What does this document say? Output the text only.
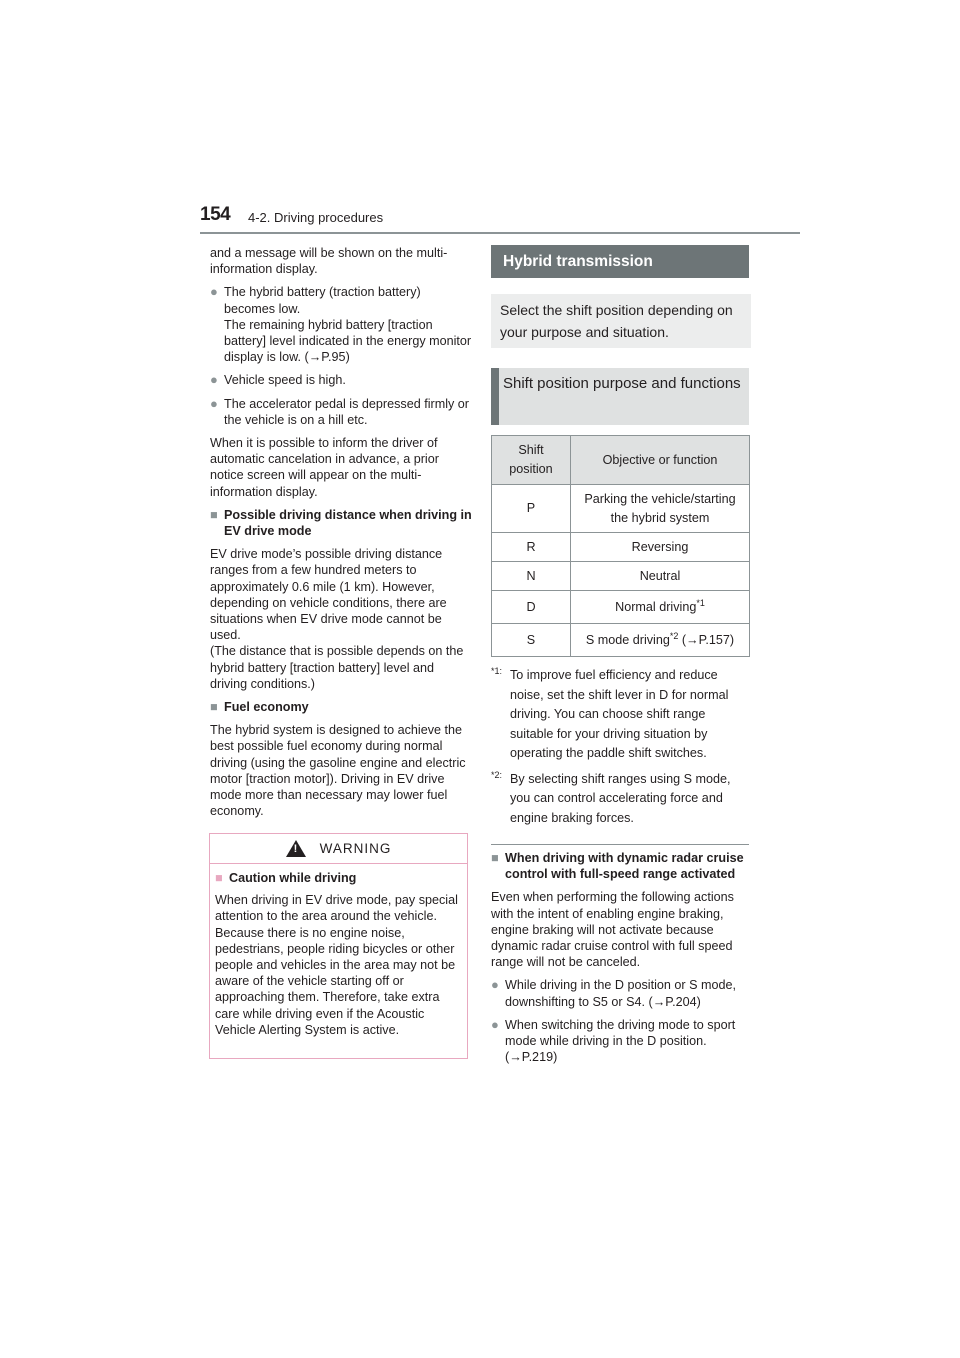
154 4-2. Driving procedures

and a message will be shown on the multi-information display.

● The hybrid battery (traction battery) becomes low.
The remaining hybrid battery [traction battery] level indicated in the energy monitor display is low. (→P.95)
● Vehicle speed is high.
● The accelerator pedal is depressed firmly or the vehicle is on a hill etc.

When it is possible to inform the driver of automatic cancelation in advance, a prior notice screen will appear on the multi-information display.

■ Possible driving distance when driving in EV drive mode

EV drive mode’s possible driving distance ranges from a few hundred meters to approximately 0.6 mile (1 km). However, depending on vehicle conditions, there are situations when EV drive mode cannot be used.

(The distance that is possible depends on the hybrid battery [traction battery] level and driving conditions.)

■ Fuel economy

The hybrid system is designed to achieve the best possible fuel economy during normal driving (using the gasoline engine and electric motor [traction motor]). Driving in EV drive mode more than necessary may lower fuel economy.

! WARNING
■ Caution while driving
When driving in EV drive mode, pay special attention to the area around the vehicle. Because there is no engine noise, pedestrians, people riding bicycles or other people and vehicles in the area may not be aware of the vehicle starting off or approaching them. Therefore, take extra care while driving even if the Acoustic Vehicle Alerting System is active.
Hybrid transmission
Select the shift position depending on your purpose and situation.
Shift position purpose and functions
Shift position	Objective or function
P	Parking the vehicle/starting the hybrid system
R	Reversing
N	Neutral
D	Normal driving$^{*1}$
S	S mode driving$^{*2}$ (→P.157)
*1: To improve fuel efficiency and reduce noise, set the shift lever in D for normal driving. You can choose shift range suitable for your driving situation by operating the paddle shift switches.
*2: By selecting shift ranges using S mode, you can control accelerating force and engine braking forces.
■ When driving with dynamic radar cruise control with full-speed range activated

Even when performing the following actions with the intent of enabling engine braking, engine braking will not activate because dynamic radar cruise control with full speed range will not be canceled.

● While driving in the D position or S mode, downshifting to S5 or S4. (→P.204)
● When switching the driving mode to sport mode while driving in the D position. (→P.219)
